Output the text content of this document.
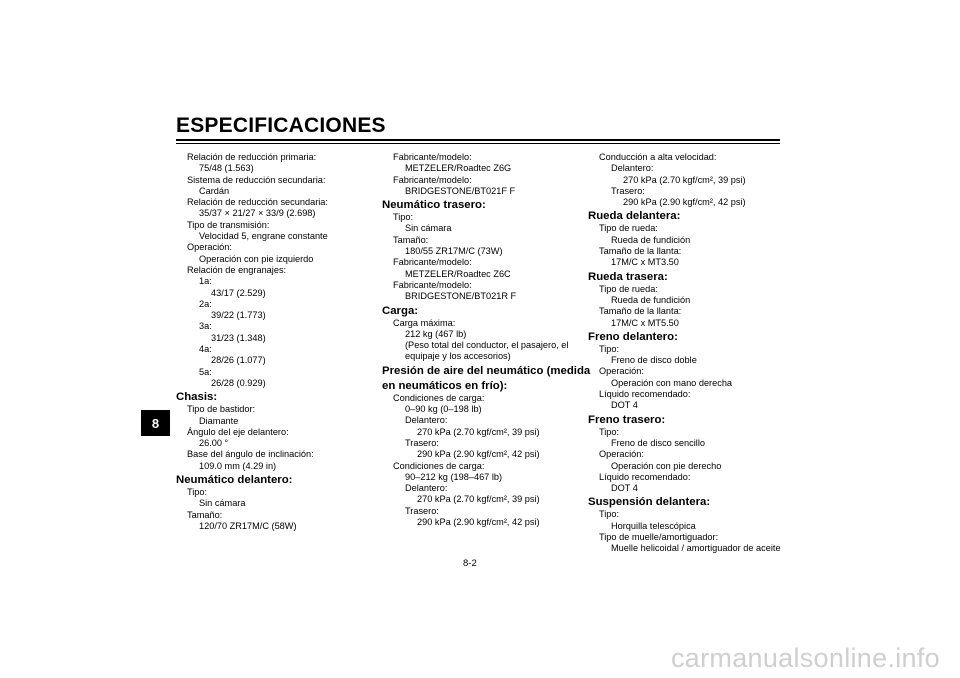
ESPECIFICACIONES
8
Relación de reducción primaria:
75/48 (1.563)
Sistema de reducción secundaria:
Cardán
Relación de reducción secundaria:
35/37 × 21/27 × 33/9 (2.698)
Tipo de transmisión:
Velocidad 5, engrane constante
Operación:
Operación con pie izquierdo
Relación de engranajes:
1a:
43/17 (2.529)
2a:
39/22 (1.773)
3a:
31/23 (1.348)
4a:
28/26 (1.077)
5a:
26/28 (0.929)
Chasis:
Tipo de bastidor:
Diamante
Ángulo del eje delantero:
26.00 °
Base del ángulo de inclinación:
109.0 mm (4.29 in)
Neumático delantero:
Tipo:
Sin cámara
Tamaño:
120/70 ZR17M/C (58W)
Fabricante/modelo:
METZELER/Roadtec Z6G
Fabricante/modelo:
BRIDGESTONE/BT021F F
Neumático trasero:
Tipo:
Sin cámara
Tamaño:
180/55 ZR17M/C (73W)
Fabricante/modelo:
METZELER/Roadtec Z6C
Fabricante/modelo:
BRIDGESTONE/BT021R F
Carga:
Carga máxima:
212 kg (467 lb)
(Peso total del conductor, el pasajero, el
equipaje y los accesorios)
Presión de aire del neumático (medida
en neumáticos en frío):
Condiciones de carga:
0–90 kg (0–198 lb)
Delantero:
270 kPa (2.70 kgf/cm², 39 psi)
Trasero:
290 kPa (2.90 kgf/cm², 42 psi)
Condiciones de carga:
90–212 kg (198–467 lb)
Delantero:
270 kPa (2.70 kgf/cm², 39 psi)
Trasero:
290 kPa (2.90 kgf/cm², 42 psi)
Conducción a alta velocidad:
Delantero:
270 kPa (2.70 kgf/cm², 39 psi)
Trasero:
290 kPa (2.90 kgf/cm², 42 psi)
Rueda delantera:
Tipo de rueda:
Rueda de fundición
Tamaño de la llanta:
17M/C x MT3.50
Rueda trasera:
Tipo de rueda:
Rueda de fundición
Tamaño de la llanta:
17M/C x MT5.50
Freno delantero:
Tipo:
Freno de disco doble
Operación:
Operación con mano derecha
Líquido recomendado:
DOT 4
Freno trasero:
Tipo:
Freno de disco sencillo
Operación:
Operación con pie derecho
Líquido recomendado:
DOT 4
Suspensión delantera:
Tipo:
Horquilla telescópica
Tipo de muelle/amortiguador:
Muelle helicoidal / amortiguador de aceite
8-2
carmanualsonline.info
